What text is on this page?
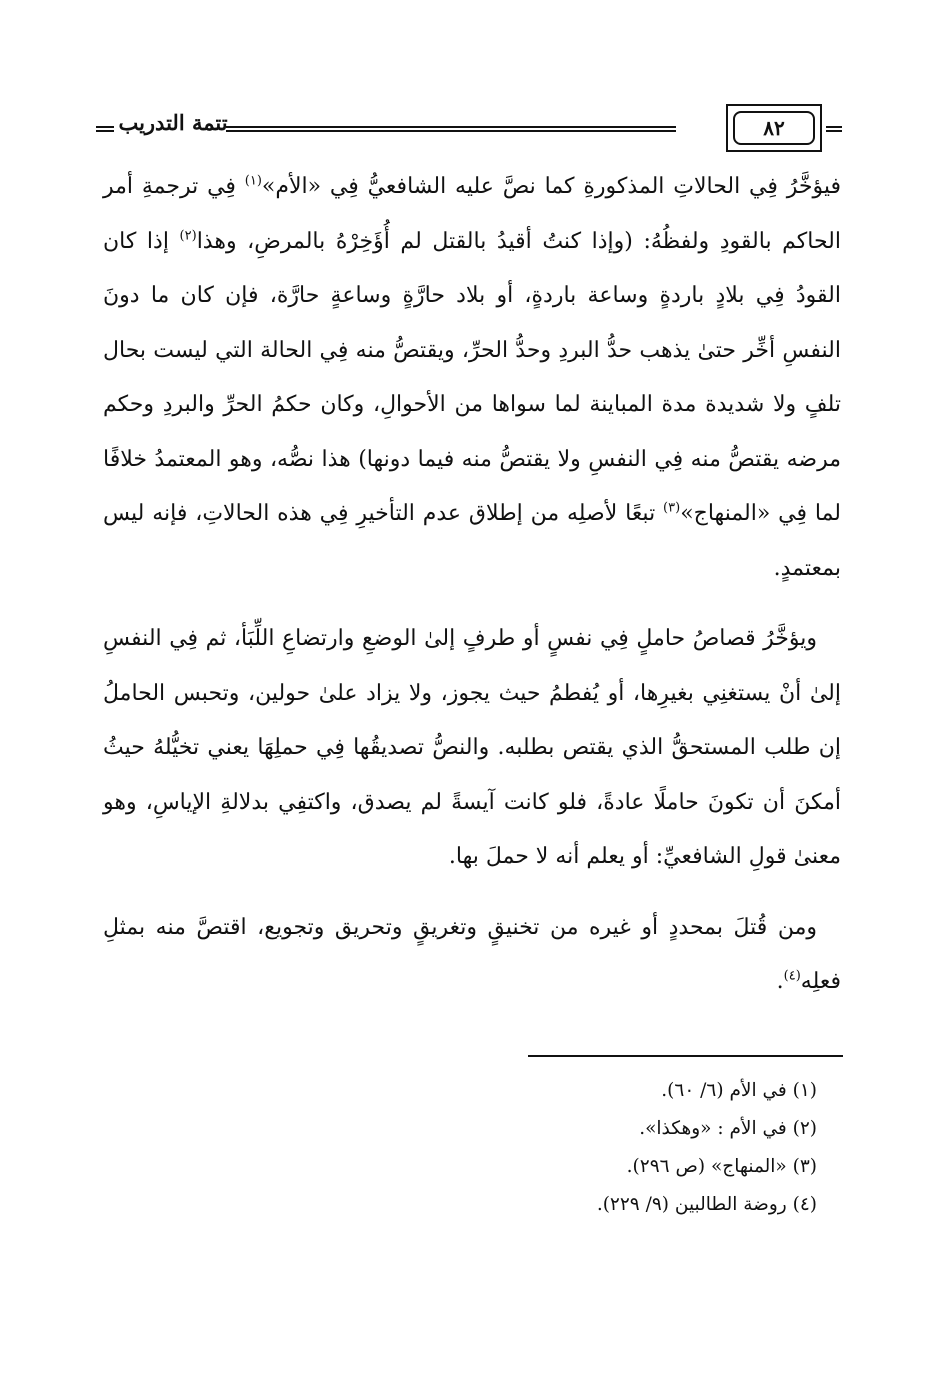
٨٢
تتمة التدريب

فيؤخَّرُ فِي الحالاتِ المذكورةِ كما نصَّ عليه الشافعيُّ فِي «الأم»$^{(١)}$ فِي ترجمةِ أمر الحاكم بالقودِ ولفظُهُ: (وإذا كنتُ أقيدُ بالقتل لم أُؤَخِرْهُ بالمرضِ، وهذا$^{(٢)}$ إذا كان القودُ فِي بلادٍ باردةٍ وساعة باردةٍ، أو بلاد حارَّةٍ وساعةٍ حارَّة، فإن كان ما دونَ النفسِ أخِّر حتىٰ يذهب حدُّ البردِ وحدُّ الحرِّ، ويقتصُّ منه فِي الحالة التي ليست بحال تلفٍ ولا شديدة مدة المباينة لما سواها من الأحوالِ، وكان حكمُ الحرِّ والبردِ وحكم مرضه يقتصُّ منه فِي النفسِ ولا يقتصُّ منه فيما دونها) هذا نصُّه، وهو المعتمدُ خلافًا لما فِي «المنهاج»$^{(٣)}$ تبعًا لأصلِه من إطلاق عدم التأخيرِ فِي هذه الحالاتِ، فإنه ليس بمعتمدٍ.

ويؤخَّرُ قصاصُ حاملٍ فِي نفسٍ أو طرفٍ إلىٰ الوضعِ وارتضاعِ اللِّبَأ، ثم فِي النفسِ إلىٰ أنْ يستغنِي بغيرِها، أو يُفطمُ حيث يجوز، ولا يزاد علىٰ حولين، وتحبس الحاملُ إن طلب المستحقُّ الذي يقتص بطلبه. والنصُّ تصديقُها فِي حملِهَا يعني تخيُّلهُ حيثُ أمكنَ أن تكونَ حاملًا عادةً، فلو كانت آيسةً لم يصدق، واكتفِي بدلالةِ الإياسِ، وهو معنىٰ قولِ الشافعيِّ: أو يعلم أنه لا حملَ بها.

ومن قُتلَ بمحددٍ أو غيره من تخنيقٍ وتغريقٍ وتحريق وتجويع، اقتصَّ منه بمثلِ فعلِه$^{(٤)}$.

(١) في الأم (٦/ ٦٠).
(٢) في الأم : «وهكذا».
(٣) «المنهاج» (ص ٢٩٦).
(٤) روضة الطالبين (٩/ ٢٢٩).
